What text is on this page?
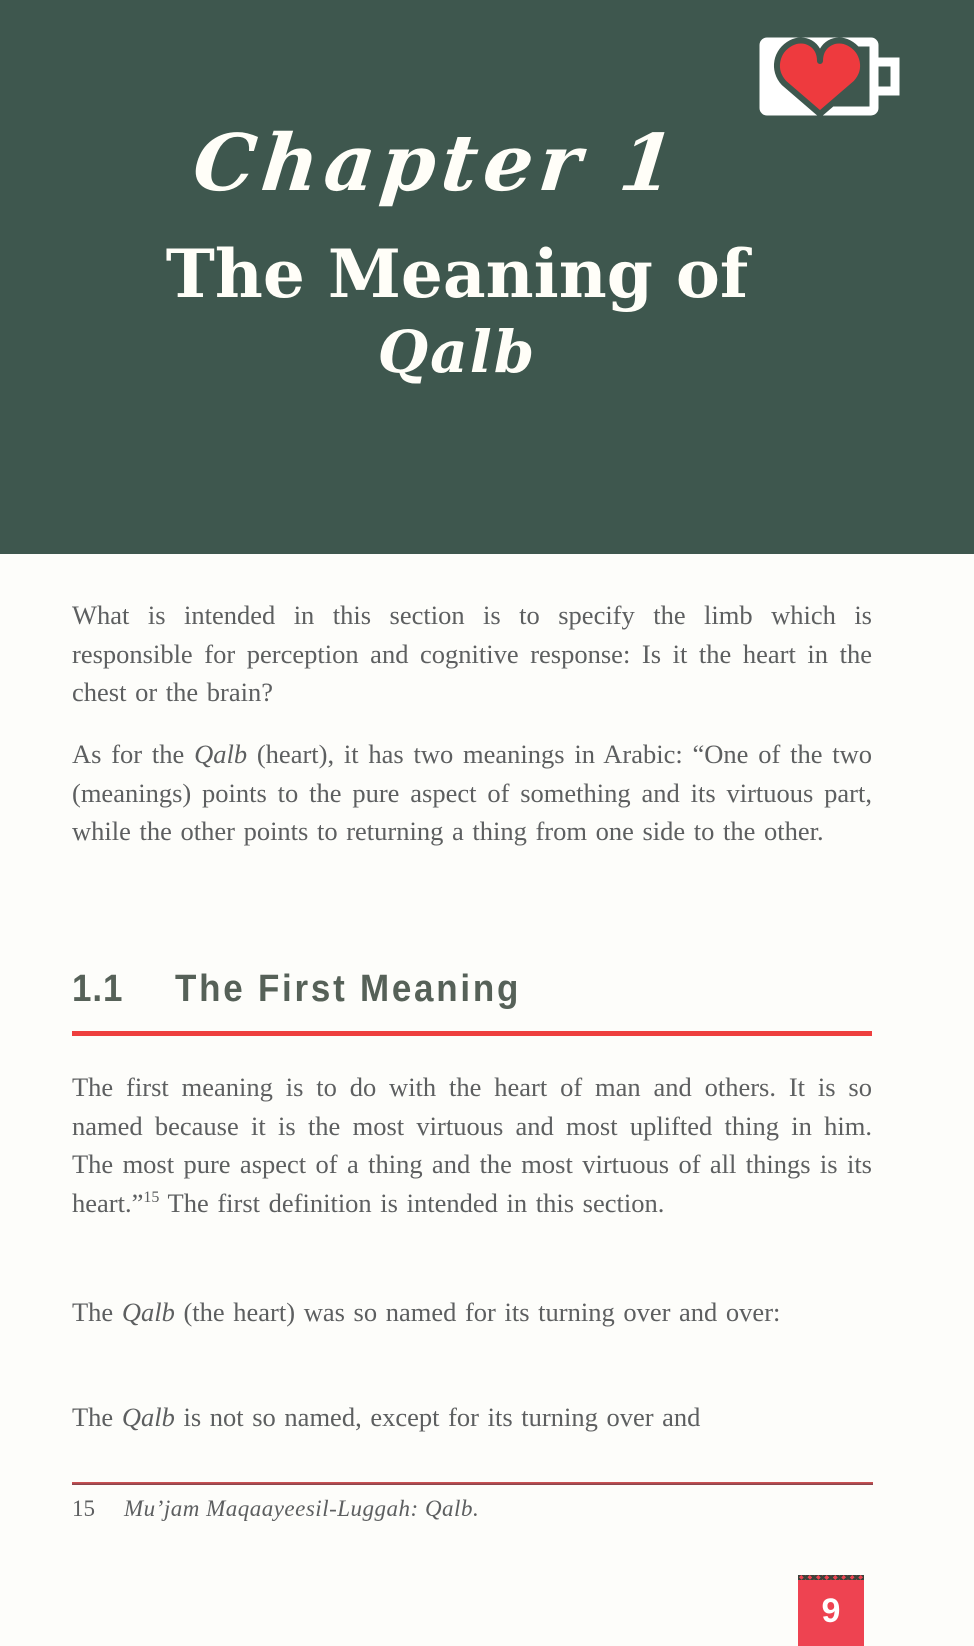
Chapter 1
The Meaning of
Qalb

What is intended in this section is to specify the limb which is responsible for perception and cognitive response: Is it the heart in the chest or the brain?

As for the Qalb (heart), it has two meanings in Arabic: “One of the two (meanings) points to the pure aspect of something and its virtuous part, while the other points to returning a thing from one side to the other.

1.1 The First Meaning

The first meaning is to do with the heart of man and others. It is so named because it is the most virtuous and most uplifted thing in him. The most pure aspect of a thing and the most virtuous of all things is its heart.”$^{15}$ The first definition is intended in this section.

The Qalb (the heart) was so named for its turning over and over:

The Qalb is not so named, except for its turning over and

15 Mu’jam Maqaayeesil-Luggah: Qalb.

9
